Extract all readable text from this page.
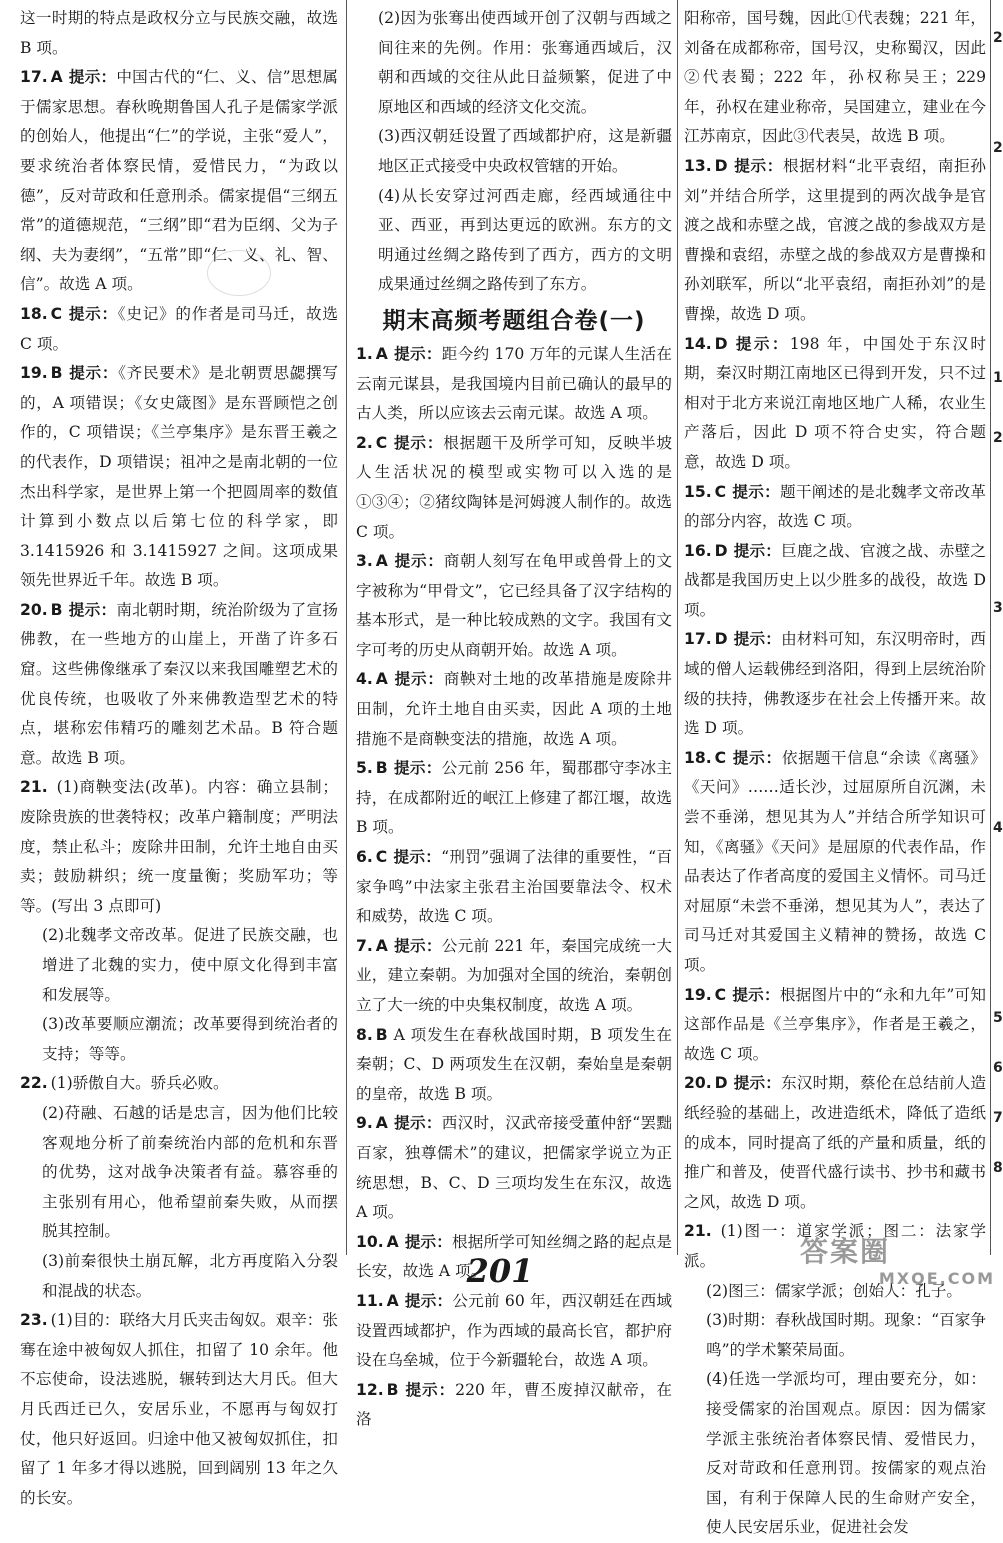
这一时期的特点是政权分立与民族交融，故选 B 项。

17. A 提示：中国古代的“仁、义、信”思想属于儒家思想。春秋晚期鲁国人孔子是儒家学派的创始人，他提出“仁”的学说，主张“爱人”，要求统治者体察民情，爱惜民力，“为政以德”，反对苛政和任意刑杀。儒家提倡“三纲五常”的道德规范，“三纲”即“君为臣纲、父为子纲、夫为妻纲”，“五常”即“仁、义、礼、智、信”。故选 A 项。

18. C 提示：《史记》的作者是司马迁，故选 C 项。

19. B 提示：《齐民要术》是北朝贾思勰撰写的，A 项错误；《女史箴图》是东晋顾恺之创作的，C 项错误；《兰亭集序》是东晋王羲之的代表作，D 项错误；祖冲之是南北朝的一位杰出科学家，是世界上第一个把圆周率的数值计算到小数点以后第七位的科学家，即 3.1415926 和 3.1415927 之间。这项成果领先世界近千年。故选 B 项。

20. B 提示：南北朝时期，统治阶级为了宣扬佛教，在一些地方的山崖上，开凿了许多石窟。这些佛像继承了秦汉以来我国雕塑艺术的优良传统，也吸收了外来佛教造型艺术的特点，堪称宏伟精巧的雕刻艺术品。B 符合题意。故选 B 项。

21. (1)商鞅变法(改革)。内容：确立县制；废除贵族的世袭特权；改革户籍制度；严明法度，禁止私斗；废除井田制，允许土地自由买卖；鼓励耕织；统一度量衡；奖励军功；等等。(写出 3 点即可)

(2)北魏孝文帝改革。促进了民族交融，也增进了北魏的实力，使中原文化得到丰富和发展等。

(3)改革要顺应潮流；改革要得到统治者的支持；等等。

22. (1)骄傲自大。骄兵必败。

(2)苻融、石越的话是忠言，因为他们比较客观地分析了前秦统治内部的危机和东晋的优势，这对战争决策者有益。慕容垂的主张别有用心，他希望前秦失败，从而摆脱其控制。

(3)前秦很快土崩瓦解，北方再度陷入分裂和混战的状态。

23. (1)目的：联络大月氏夹击匈奴。艰辛：张骞在途中被匈奴人抓住，扣留了 10 余年。他不忘使命，设法逃脱，辗转到达大月氏。但大月氏西迁已久，安居乐业，不愿再与匈奴打仗，他只好返回。归途中他又被匈奴抓住，扣留了 1 年多才得以逃脱，回到阔别 13 年之久的长安。

(2)因为张骞出使西域开创了汉朝与西域之间往来的先例。作用：张骞通西域后，汉朝和西域的交往从此日益频繁，促进了中原地区和西域的经济文化交流。

(3)西汉朝廷设置了西域都护府，这是新疆地区正式接受中央政权管辖的开始。

(4)从长安穿过河西走廊，经西域通往中亚、西亚，再到达更远的欧洲。东方的文明通过丝绸之路传到了西方，西方的文明成果通过丝绸之路传到了东方。

期末高频考题组合卷(一)

1. A 提示：距今约 170 万年的元谋人生活在云南元谋县，是我国境内目前已确认的最早的古人类，所以应该去云南元谋。故选 A 项。

2. C 提示：根据题干及所学可知，反映半坡人生活状况的模型或实物可以入选的是①③④；②猪纹陶钵是河姆渡人制作的。故选 C 项。

3. A 提示：商朝人刻写在龟甲或兽骨上的文字被称为“甲骨文”，它已经具备了汉字结构的基本形式，是一种比较成熟的文字。我国有文字可考的历史从商朝开始。故选 A 项。

4. A 提示：商鞅对土地的改革措施是废除井田制，允许土地自由买卖，因此 A 项的土地措施不是商鞅变法的措施，故选 A 项。

5. B 提示：公元前 256 年，蜀郡郡守李冰主持，在成都附近的岷江上修建了都江堰，故选 B 项。

6. C 提示：“刑罚”强调了法律的重要性，“百家争鸣”中法家主张君主治国要靠法令、权术和威势，故选 C 项。

7. A 提示：公元前 221 年，秦国完成统一大业，建立秦朝。为加强对全国的统治，秦朝创立了大一统的中央集权制度，故选 A 项。

8. B A 项发生在春秋战国时期，B 项发生在秦朝；C、D 两项发生在汉朝，秦始皇是秦朝的皇帝，故选 B 项。

9. A 提示：西汉时，汉武帝接受董仲舒“罢黜百家，独尊儒术”的建议，把儒家学说立为正统思想，B、C、D 三项均发生在东汉，故选 A 项。

10. A 提示：根据所学可知丝绸之路的起点是长安，故选 A 项。

11. A 提示：公元前 60 年，西汉朝廷在西域设置西域都护，作为西域的最高长官，都护府设在乌垒城，位于今新疆轮台，故选 A 项。

12. B 提示：220 年，曹丕废掉汉献帝，在洛

阳称帝，国号魏，因此①代表魏；221 年，刘备在成都称帝，国号汉，史称蜀汉，因此②代表蜀；222 年，孙权称吴王；229 年，孙权在建业称帝，吴国建立，建业在今江苏南京，因此③代表吴，故选 B 项。

13. D 提示：根据材料“北平袁绍，南拒孙刘”并结合所学，这里提到的两次战争是官渡之战和赤壁之战，官渡之战的参战双方是曹操和袁绍，赤壁之战的参战双方是曹操和孙刘联军，所以“北平袁绍，南拒孙刘”的是曹操，故选 D 项。

14. D 提示：198 年，中国处于东汉时期，秦汉时期江南地区已得到开发，只不过相对于北方来说江南地区地广人稀，农业生产落后，因此 D 项不符合史实，符合题意，故选 D 项。

15. C 提示：题干阐述的是北魏孝文帝改革的部分内容，故选 C 项。

16. D 提示：巨鹿之战、官渡之战、赤壁之战都是我国历史上以少胜多的战役，故选 D 项。

17. D 提示：由材料可知，东汉明帝时，西域的僧人运载佛经到洛阳，得到上层统治阶级的扶持，佛教逐步在社会上传播开来。故选 D 项。

18. C 提示：依据题干信息“余读《离骚》《天问》……适长沙，过屈原所自沉渊，未尝不垂涕，想见其为人”并结合所学知识可知，《离骚》《天问》是屈原的代表作品，作品表达了作者高度的爱国主义情怀。司马迁对屈原“未尝不垂涕，想见其为人”，表达了司马迁对其爱国主义精神的赞扬，故选 C 项。

19. C 提示：根据图片中的“永和九年”可知这部作品是《兰亭集序》，作者是王羲之，故选 C 项。

20. D 提示：东汉时期，蔡伦在总结前人造纸经验的基础上，改进造纸术，降低了造纸的成本，同时提高了纸的产量和质量，纸的推广和普及，使晋代盛行读书、抄书和藏书之风，故选 D 项。

21. (1)图一：道家学派；图二：法家学派。

(2)图三：儒家学派；创始人：孔子。

(3)时期：春秋战国时期。现象：“百家争鸣”的学术繁荣局面。

(4)任选一学派均可，理由要充分，如：接受儒家的治国观点。原因：因为儒家学派主张统治者体察民情、爱惜民力，反对苛政和任意刑罚。按儒家的观点治国，有利于保障人民的生命财产安全，使人民安居乐业，促进社会发

2
2
1
2
3
4
5
6
7
8
201
答案圈
MXQE.COM
